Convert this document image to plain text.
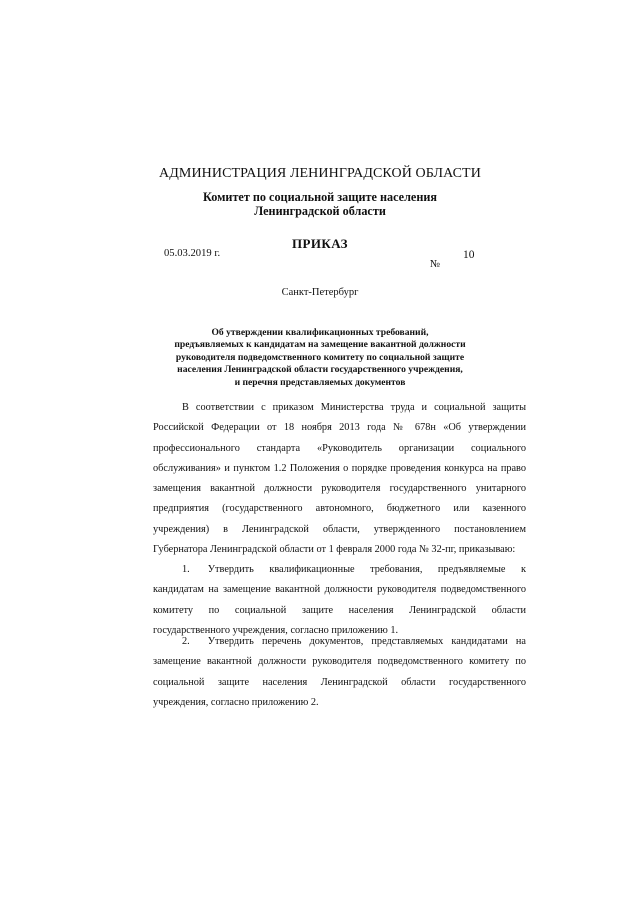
АДМИНИСТРАЦИЯ ЛЕНИНГРАДСКОЙ ОБЛАСТИ
Комитет по социальной защите населения
Ленинградской области
ПРИКАЗ
05.03.2019 г.	10
№
Санкт-Петербург
Об утверждении квалификационных требований,
предъявляемых к кандидатам на замещение вакантной должности
руководителя подведомственного комитету по социальной защите
населения Ленинградской области государственного учреждения,
и перечня представляемых документов

В соответствии с приказом Министерства труда и социальной защиты Российской Федерации от 18 ноября 2013 года № 678н «Об утверждении профессионального стандарта «Руководитель организации социального обслуживания» и пунктом 1.2 Положения о порядке проведения конкурса на право замещения вакантной должности руководителя государственного унитарного предприятия (государственного автономного, бюджетного или казенного учреждения) в Ленинградской области, утвержденного постановлением Губернатора Ленинградской области от 1 февраля 2000 года № 32-пг, приказываю:

1. Утвердить квалификационные требования, предъявляемые к

кандидатам на замещение вакантной должности руководителя подведомственного комитету по социальной защите населения Ленинградской области государственного учреждения, согласно приложению 1.

2. Утвердить перечень документов, представляемых кандидатами на

замещение вакантной должности руководителя подведомственного комитету по социальной защите населения Ленинградской области государственного учреждения, согласно приложению 2.
